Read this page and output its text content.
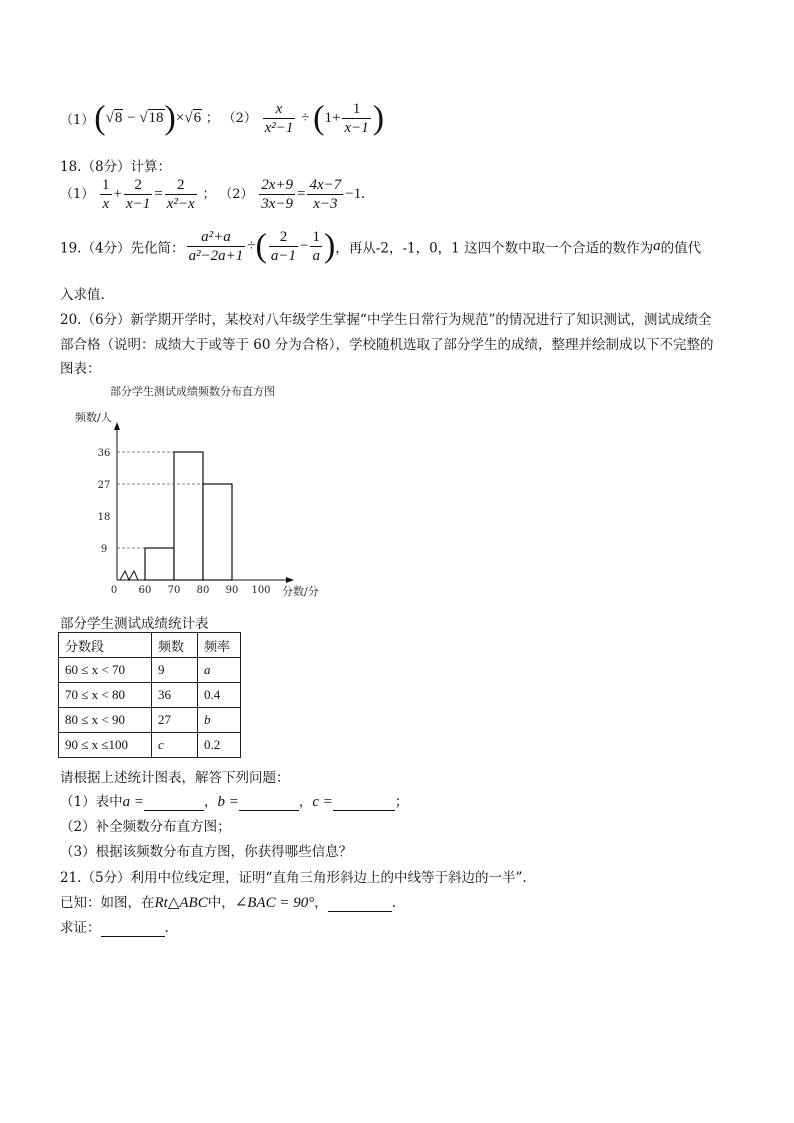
（1）(√8 − √18)×√6 ； $(2) \frac{x}{\text{x²−1}} \div (1+ \frac{1}{x-1}$ )
18.（8分）计算：
$(1) \frac{1}{x} + \frac{2}{x-1} = \frac{2}{\text{x²−x}}$ ； $(2) \frac{2x+9}{3x-9} = \frac{4x-7}{x-3} -1$.
19.（4分）先化简： $\frac{\text{a²+a}}{\text{a²−2a+1}}$ ÷( $\frac{2}{a-1} - \frac{1}{a}$ )，再从-2，-1，0，1 这四个数中取一个合适的数作为a的值代
入求值.
20.（6分）新学期开学时，某校对八年级学生掌握“中学生日常行为规范”的情况进行了知识测试，测试成绩全
部合格（说明：成绩大于或等于 60 分为合格），学校随机选取了部分学生的成绩，整理并绘制成以下不完整的
图表：
部分学生测试成绩频数分布直方图
频数/人
0	分数/分
9
18
27
36
60 70 80 90 100
部分学生测试成绩统计表
分数段	频数	频率
60 ≤ x < 70	9	a
70 ≤ x < 80	36	0.4
80 ≤ x < 90	27	b
90 ≤ x ≤100	c	0.2
请根据上述统计图表，解答下列问题：
（1）表中a =	，b =	，c =	；
（2）补全频数分布直方图；
（3）根据该频数分布直方图，你获得哪些信息？
21.（5分）利用中位线定理，证明“直角三角形斜边上的中线等于斜边的一半”.
已知：如图，在Rt△ABC中，∠BAC = 90°，	.
求证：	.
